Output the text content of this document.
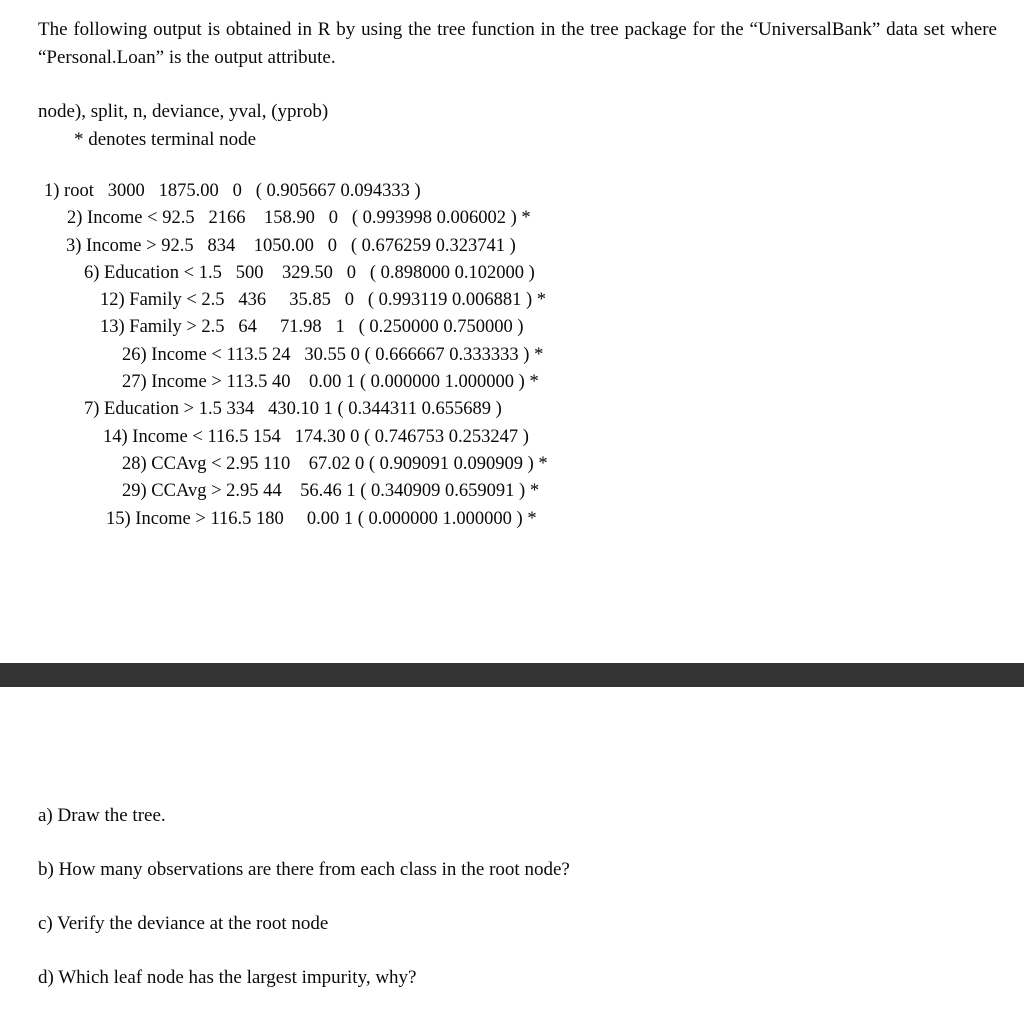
The following output is obtained in R by using the tree function in the tree package for the “UniversalBank” data set where “Personal.Loan” is the output attribute.

node), split, n, deviance, yval, (yprob)
* denotes terminal node
1) root   3000   1875.00   0   ( 0.905667 0.094333 )
2) Income < 92.5   2166    158.90   0   ( 0.993998 0.006002 ) *
3) Income > 92.5   834    1050.00   0   ( 0.676259 0.323741 )
6) Education < 1.5   500    329.50   0   ( 0.898000 0.102000 )
12) Family < 2.5   436     35.85   0   ( 0.993119 0.006881 ) *
13) Family > 2.5   64     71.98   1   ( 0.250000 0.750000 )
26) Income < 113.5 24   30.55 0 ( 0.666667 0.333333 ) *
27) Income > 113.5 40    0.00 1 ( 0.000000 1.000000 ) *
7) Education > 1.5 334   430.10 1 ( 0.344311 0.655689 )
14) Income < 116.5 154   174.30 0 ( 0.746753 0.253247 )
28) CCAvg < 2.95 110    67.02 0 ( 0.909091 0.090909 ) *
29) CCAvg > 2.95 44    56.46 1 ( 0.340909 0.659091 ) *
15) Income > 116.5 180     0.00 1 ( 0.000000 1.000000 ) *
a) Draw the tree.
b) How many observations are there from each class in the root node?
c) Verify the deviance at the root node
d) Which leaf node has the largest impurity, why?
